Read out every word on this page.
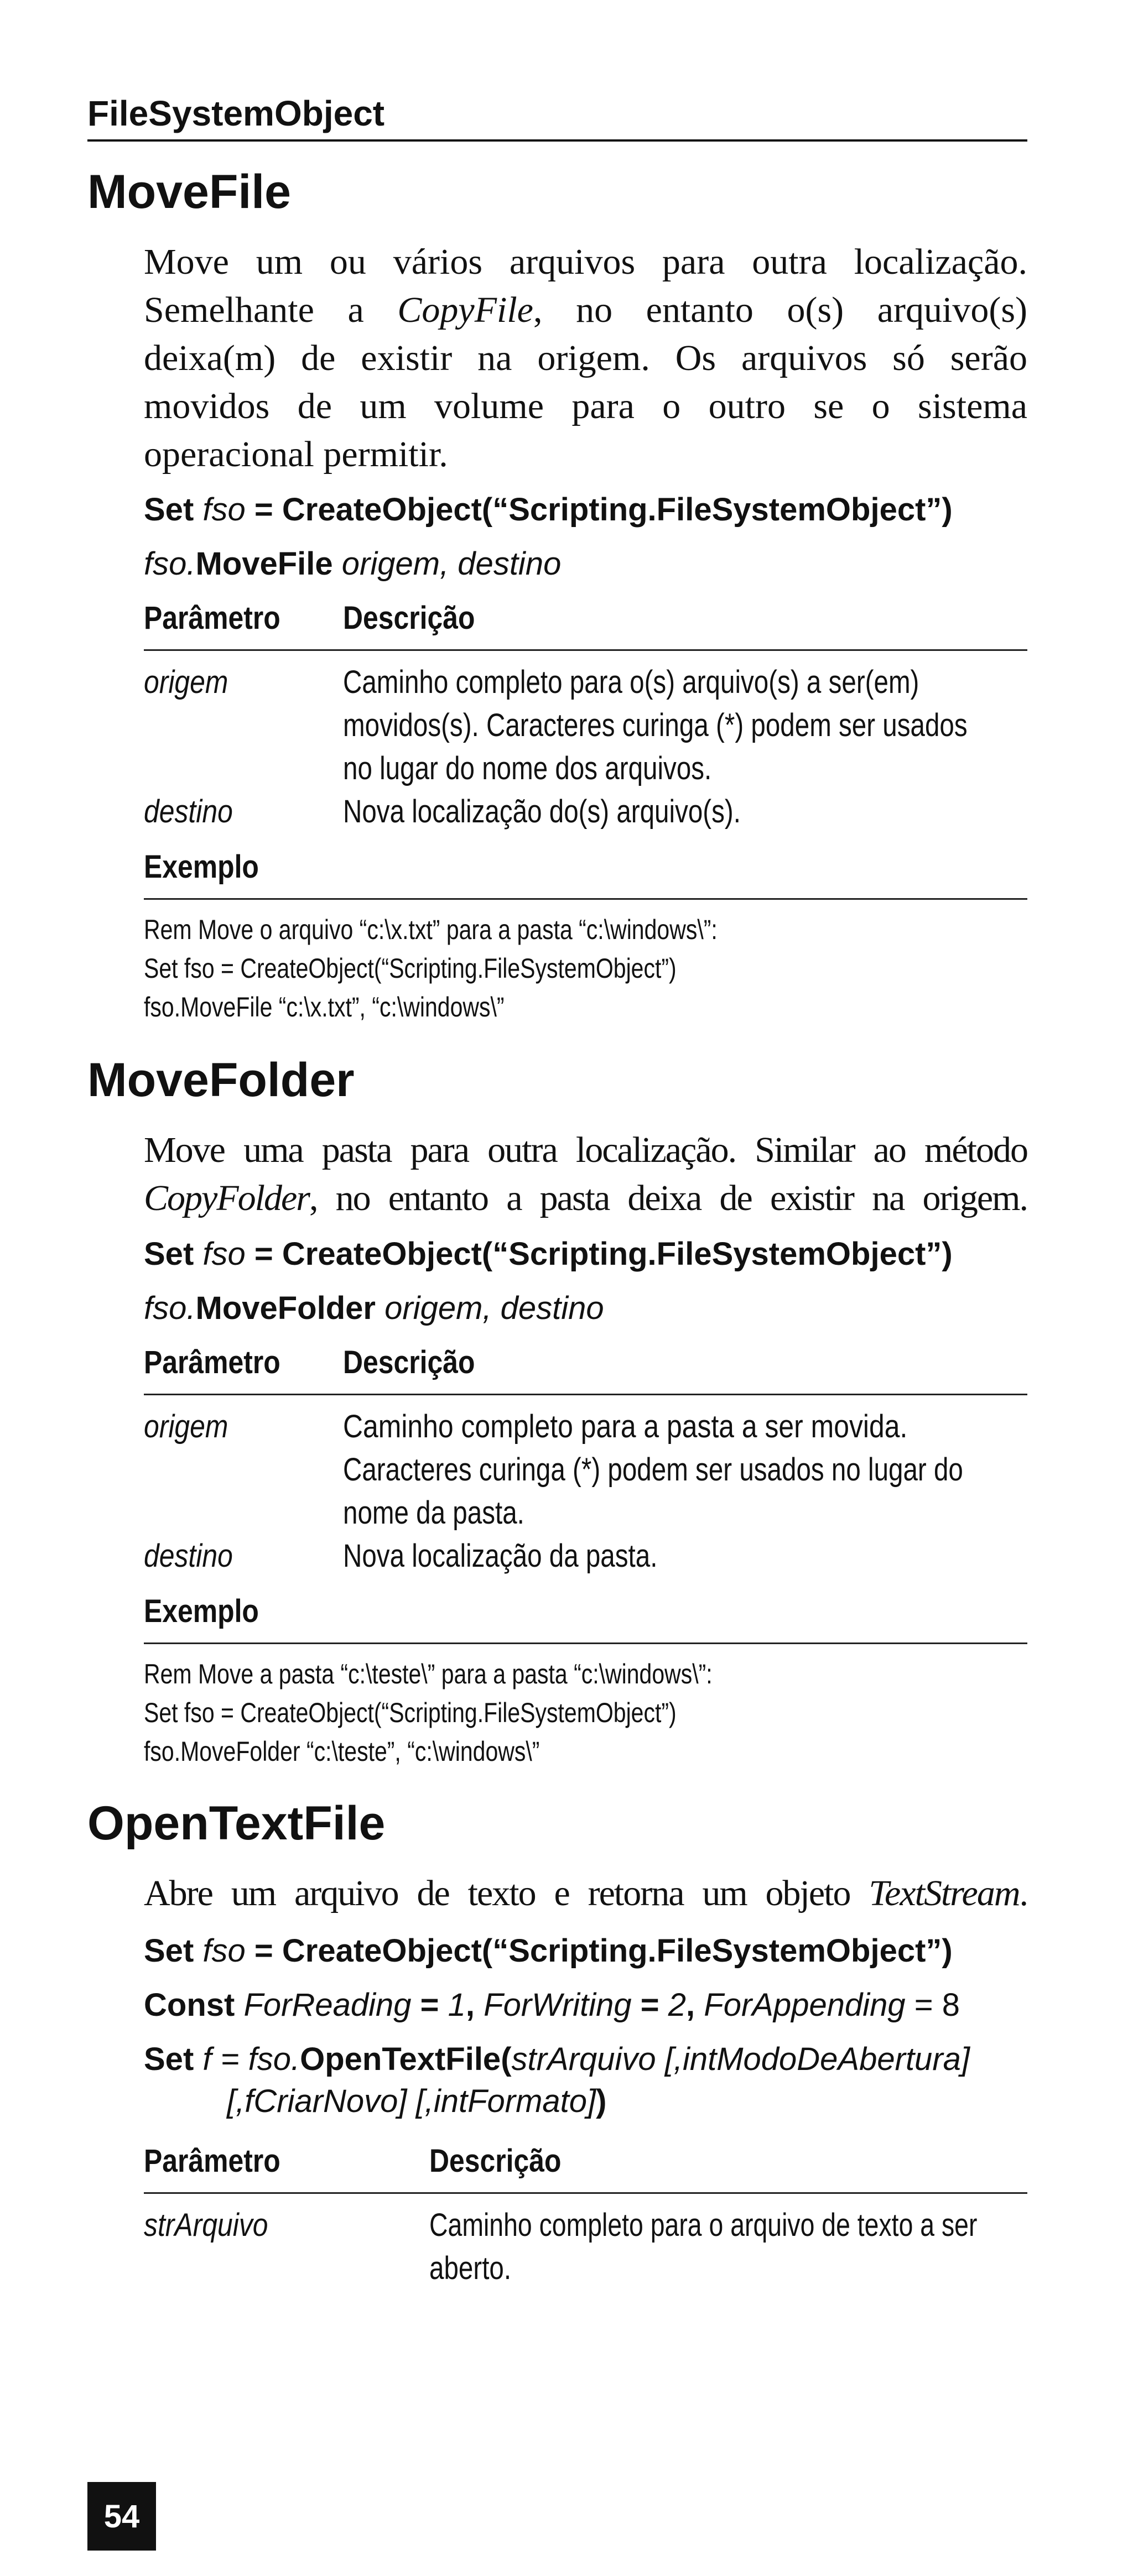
FileSystemObject
MoveFile
Move um ou vários arquivos para outra localização.
Semelhante a CopyFile, no entanto o(s) arquivo(s)
deixa(m) de existir na origem. Os arquivos só serão
movidos de um volume para o outro se o sistema
operacional permitir.
Set fso = CreateObject(“Scripting.FileSystemObject”)
fso.MoveFile origem, destino
Parâmetro Descrição
origem	Caminho completo para o(s) arquivo(s) a ser(em)
movidos(s). Caracteres curinga (*) podem ser usados
no lugar do nome dos arquivos.
destino	Nova localização do(s) arquivo(s).
Exemplo
Rem Move o arquivo “c:\x.txt” para a pasta “c:\windows\”:
Set fso = CreateObject(“Scripting.FileSystemObject”)
fso.MoveFile “c:\x.txt”, “c:\windows\”
MoveFolder
Move uma pasta para outra localização. Similar ao método
CopyFolder, no entanto a pasta deixa de existir na origem.
Set fso = CreateObject(“Scripting.FileSystemObject”)
fso.MoveFolder origem, destino
Parâmetro Descrição
origem	Caminho completo para a pasta a ser movida.
Caracteres curinga (*) podem ser usados no lugar do
nome da pasta.
destino	Nova localização da pasta.
Exemplo
Rem Move a pasta “c:\teste\” para a pasta “c:\windows\”:
Set fso = CreateObject(“Scripting.FileSystemObject”)
fso.MoveFolder “c:\teste”, “c:\windows\”
OpenTextFile
Abre um arquivo de texto e retorna um objeto TextStream.
Set fso = CreateObject(“Scripting.FileSystemObject”)
Const ForReading = 1, ForWriting = 2, ForAppending = 8
Set f = fso.OpenTextFile(strArquivo [,intModoDeAbertura]
[,fCriarNovo] [,intFormato])
Parâmetro	Descrição
strArquivo	Caminho completo para o arquivo de texto a ser
aberto.
54
